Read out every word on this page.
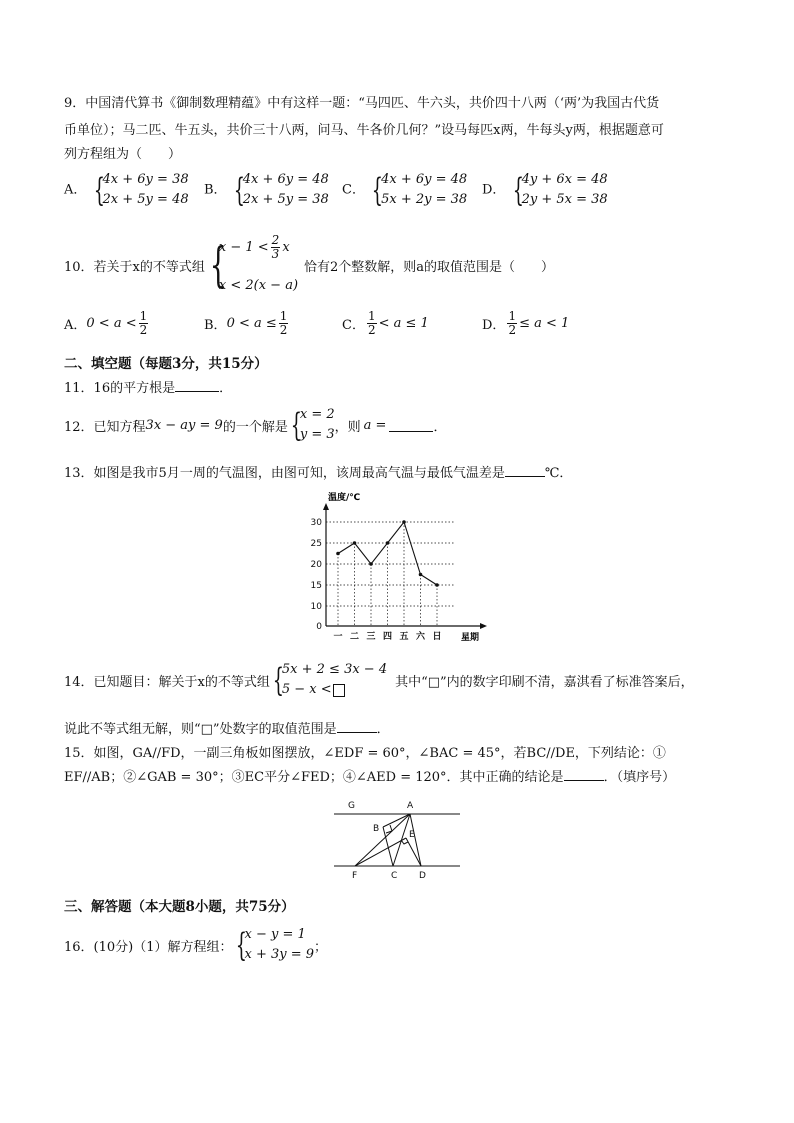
9．中国清代算书《御制数理精蕴》中有这样一题：“马四匹、牛六头，共价四十八两（‘两’为我国古代货
币单位）；马二匹、牛五头，共价三十八两，问马、牛各价几何？”设马每匹x两，牛每头y两，根据题意可
列方程组为（　　）
A． {
4x + 6y = 38
2x + 5y = 48
B． {
4x + 6y = 48
2x + 5y = 38
C． {
4x + 6y = 48
5x + 2y = 38
D． {
4y + 6x = 48
2y + 5x = 38
10．若关于x的不等式组 {
$x - 1 < \frac{2}{3}$ x
x < 2(x − a)
恰有2个整数解，则a的取值范围是（　　）
A． $0 < a < \frac{1}{2}$	B． $0 < a \le \frac{1}{2}$	C． $\frac{1}{2} < a \le 1$	D． $\frac{1}{2} \le a < 1$
二、填空题（每题3分，共15分）
11．16的平方根是	．
12．已知方程 3x − ay = 9 的一个解是 {
x = 2
y = 3 ，则 a =	．
13．如图是我市5月一周的气温图，由图可知，该周最高气温与最低气温差是	℃．
0
10
15
20
25
30
一 二 三 四 五 六 日
温度/℃
星期
14．已知题目：解关于x的不等式组 {
5x + 2 ≤ 3x − 4
5 − x <	其中“□”内的数字印刷不清，嘉淇看了标准答案后，
说此不等式组无解，则“□”处数字的取值范围是	．
15．如图，GA//FD，一副三角板如图摆放，∠EDF = 60°，∠BAC = 45°，若BC//DE，下列结论：①
EF//AB；②∠GAB = 30°；③EC平分∠FED；④∠AED = 120°．其中正确的结论是	．（填序号）
G	A
B
E
F	C D
三、解答题（本大题8小题，共75分）
16．(10分)（1）解方程组： {
x − y = 1
x + 3y = 9 ；
